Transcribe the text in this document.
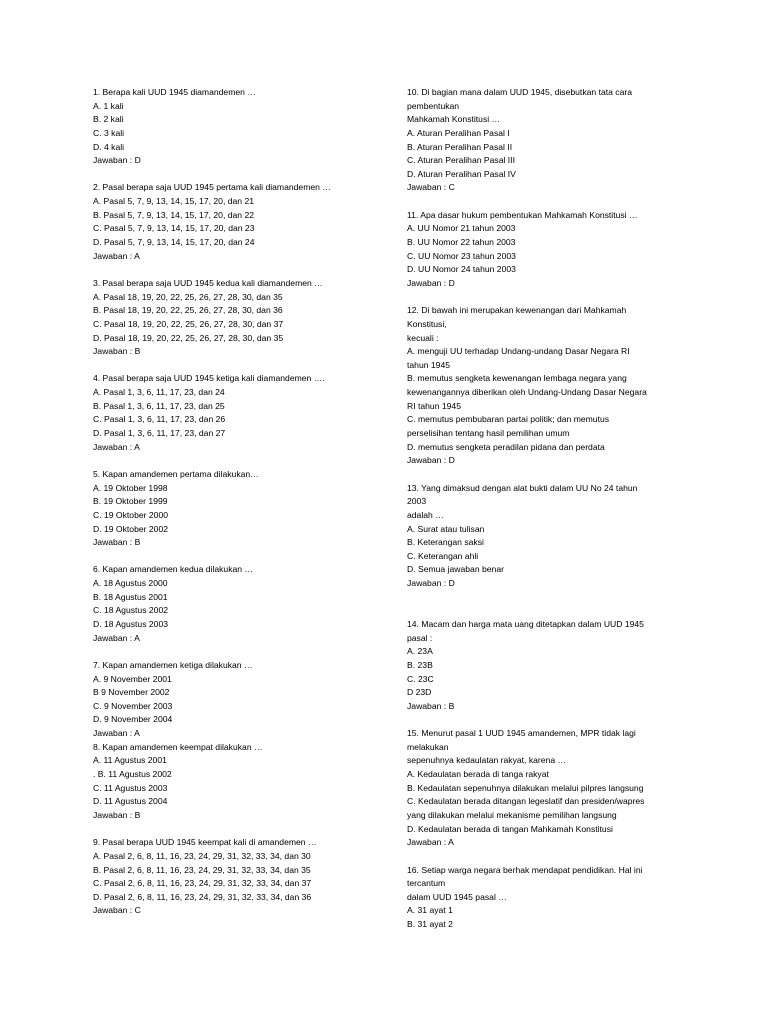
1. Berapa kali UUD 1945 diamandemen …
A. 1 kali
B. 2 kali
C. 3 kali
D. 4 kali
Jawaban : D
2. Pasal berapa saja UUD 1945 pertama kali diamandemen …
A. Pasal 5, 7, 9, 13, 14, 15, 17, 20, dan 21
B. Pasal 5, 7, 9, 13, 14, 15, 17, 20, dan 22
C. Pasal 5, 7, 9, 13, 14, 15, 17, 20, dan 23
D. Pasal 5, 7, 9, 13, 14, 15, 17, 20, dan 24
Jawaban : A
3. Pasal berapa saja UUD 1945 kedua kali diamandemen …
A. Pasal 18, 19, 20, 22, 25, 26, 27, 28, 30, dan 35
B. Pasal 18, 19, 20, 22, 25, 26, 27, 28, 30, dan 36
C. Pasal 18, 19, 20, 22, 25, 26, 27, 28, 30, dan 37
D. Pasal 18, 19, 20, 22, 25, 26, 27, 28, 30, dan 35
Jawaban : B
4. Pasal berapa saja UUD 1945 ketiga kali diamandemen ….
A. Pasal 1, 3, 6, 11, 17, 23, dan 24
B. Pasal 1, 3, 6, 11, 17, 23, dan 25
C. Pasal 1, 3, 6, 11, 17, 23, dan 26
D. Pasal 1, 3, 6, 11, 17, 23, dan 27
Jawaban : A
5. Kapan amandemen pertama dilakukan…
A. 19 Oktober 1998
B. 19 Oktober 1999
C. 19 Oktober 2000
D. 19 Oktober 2002
Jawaban : B
6. Kapan amandemen kedua dilakukan …
A. 18 Agustus 2000
B. 18 Agustus 2001
C. 18 Agustus 2002
D. 18 Agustus 2003
Jawaban : A
7. Kapan amandemen ketiga dilakukan …
A. 9 November 2001
B 9 November 2002
C. 9 November 2003
D. 9 November 2004
Jawaban : A
8. Kapan amandemen keempat dilakukan …
A. 11 Agustus 2001
. B. 11 Agustus 2002
C. 11 Agustus 2003
D. 11 Agustus 2004
Jawaban : B
9. Pasal berapa UUD 1945 keempat kali di amandemen …
A. Pasal 2, 6, 8, 11, 16, 23, 24, 29, 31, 32, 33, 34, dan 30
B. Pasal 2, 6, 8, 11, 16, 23, 24, 29, 31, 32, 33, 34, dan 35
C. Pasal 2, 6, 8, 11, 16, 23, 24, 29, 31, 32, 33, 34, dan 37
D. Pasal 2, 6, 8, 11, 16, 23, 24, 29, 31, 32, 33, 34, dan 36
Jawaban : C
10. Di bagian mana dalam UUD 1945, disebutkan tata cara
pembentukan
Mahkamah Konstitusi …
A. Aturan Peralihan Pasal I
B. Aturan Peralihan Pasal II
C. Aturan Peralihan Pasal III
D. Aturan Peralihan Pasal IV
Jawaban : C
11. Apa dasar hukum pembentukan Mahkamah Konstitusi …
A. UU Nomor 21 tahun 2003
B. UU Nomor 22 tahun 2003
C. UU Nomor 23 tahun 2003
D. UU Nomor 24 tahun 2003
Jawaban : D
12. Di bawah ini merupakan kewenangan dari Mahkamah
Konstitusi,
kecuali :
A. menguji UU terhadap Undang-undang Dasar Negara RI
tahun 1945
B. memutus sengketa kewenangan lembaga negara yang
kewenangannya diberikan oleh Undang-Undang Dasar Negara
RI tahun 1945
C. memutus pembubaran partai politik; dan memutus
perselisihan tentang hasil pemilihan umum
D. memutus sengketa peradilan pidana dan perdata
Jawaban : D
13. Yang dimaksud dengan alat bukti dalam UU No 24 tahun
2003
adalah …
A. Surat atau tulisan
B. Keterangan saksi
C. Keterangan ahli
D. Semua jawaban benar
Jawaban : D
14. Macam dan harga mata uang ditetapkan dalam UUD 1945
pasal :
A. 23A
B. 23B
C. 23C
D 23D
Jawaban : B
15. Menurut pasal 1 UUD 1945 amandemen, MPR tidak lagi
melakukan
sepenuhnya kedaulatan rakyat, karena …
A. Kedaulatan berada di tanga rakyat
B. Kedaulatan sepenuhnya dilakukan melalui pilpres langsung
C. Kedaulatan berada ditangan legeslatif dan presiden/wapres
yang dilakukan melalui mekanisme pemilihan langsung
D. Kedaulatan berada di tangan Mahkamah Konstitusi
Jawaban : A
16. Setiap warga negara berhak mendapat pendidikan. Hal ini
tercantum
dalam UUD 1945 pasal …
A. 31 ayat 1
B. 31 ayat 2
